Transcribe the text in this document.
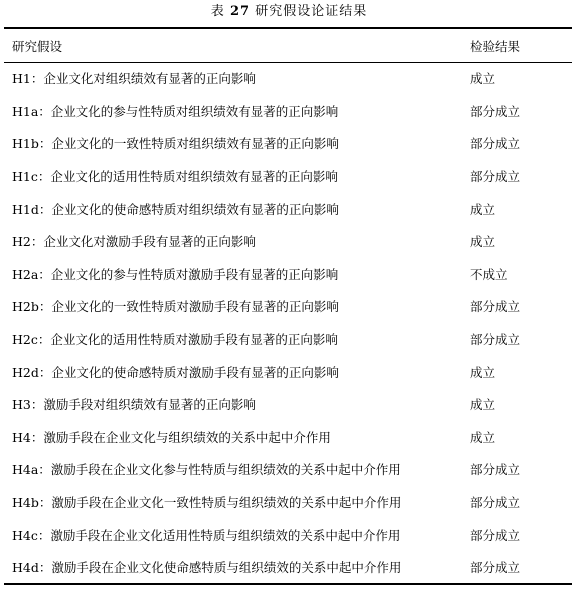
表 27 研究假设论证结果
研究假设	检验结果
H1：企业文化对组织绩效有显著的正向影响	成立
H1a：企业文化的参与性特质对组织绩效有显著的正向影响	部分成立
H1b：企业文化的一致性特质对组织绩效有显著的正向影响	部分成立
H1c：企业文化的适用性特质对组织绩效有显著的正向影响	部分成立
H1d：企业文化的使命感特质对组织绩效有显著的正向影响	成立
H2：企业文化对激励手段有显著的正向影响	成立
H2a：企业文化的参与性特质对激励手段有显著的正向影响	不成立
H2b：企业文化的一致性特质对激励手段有显著的正向影响	部分成立
H2c：企业文化的适用性特质对激励手段有显著的正向影响	部分成立
H2d：企业文化的使命感特质对激励手段有显著的正向影响	成立
H3：激励手段对组织绩效有显著的正向影响	成立
H4：激励手段在企业文化与组织绩效的关系中起中介作用	成立
H4a：激励手段在企业文化参与性特质与组织绩效的关系中起中介作用	部分成立
H4b：激励手段在企业文化一致性特质与组织绩效的关系中起中介作用	部分成立
H4c：激励手段在企业文化适用性特质与组织绩效的关系中起中介作用	部分成立
H4d：激励手段在企业文化使命感特质与组织绩效的关系中起中介作用	部分成立
